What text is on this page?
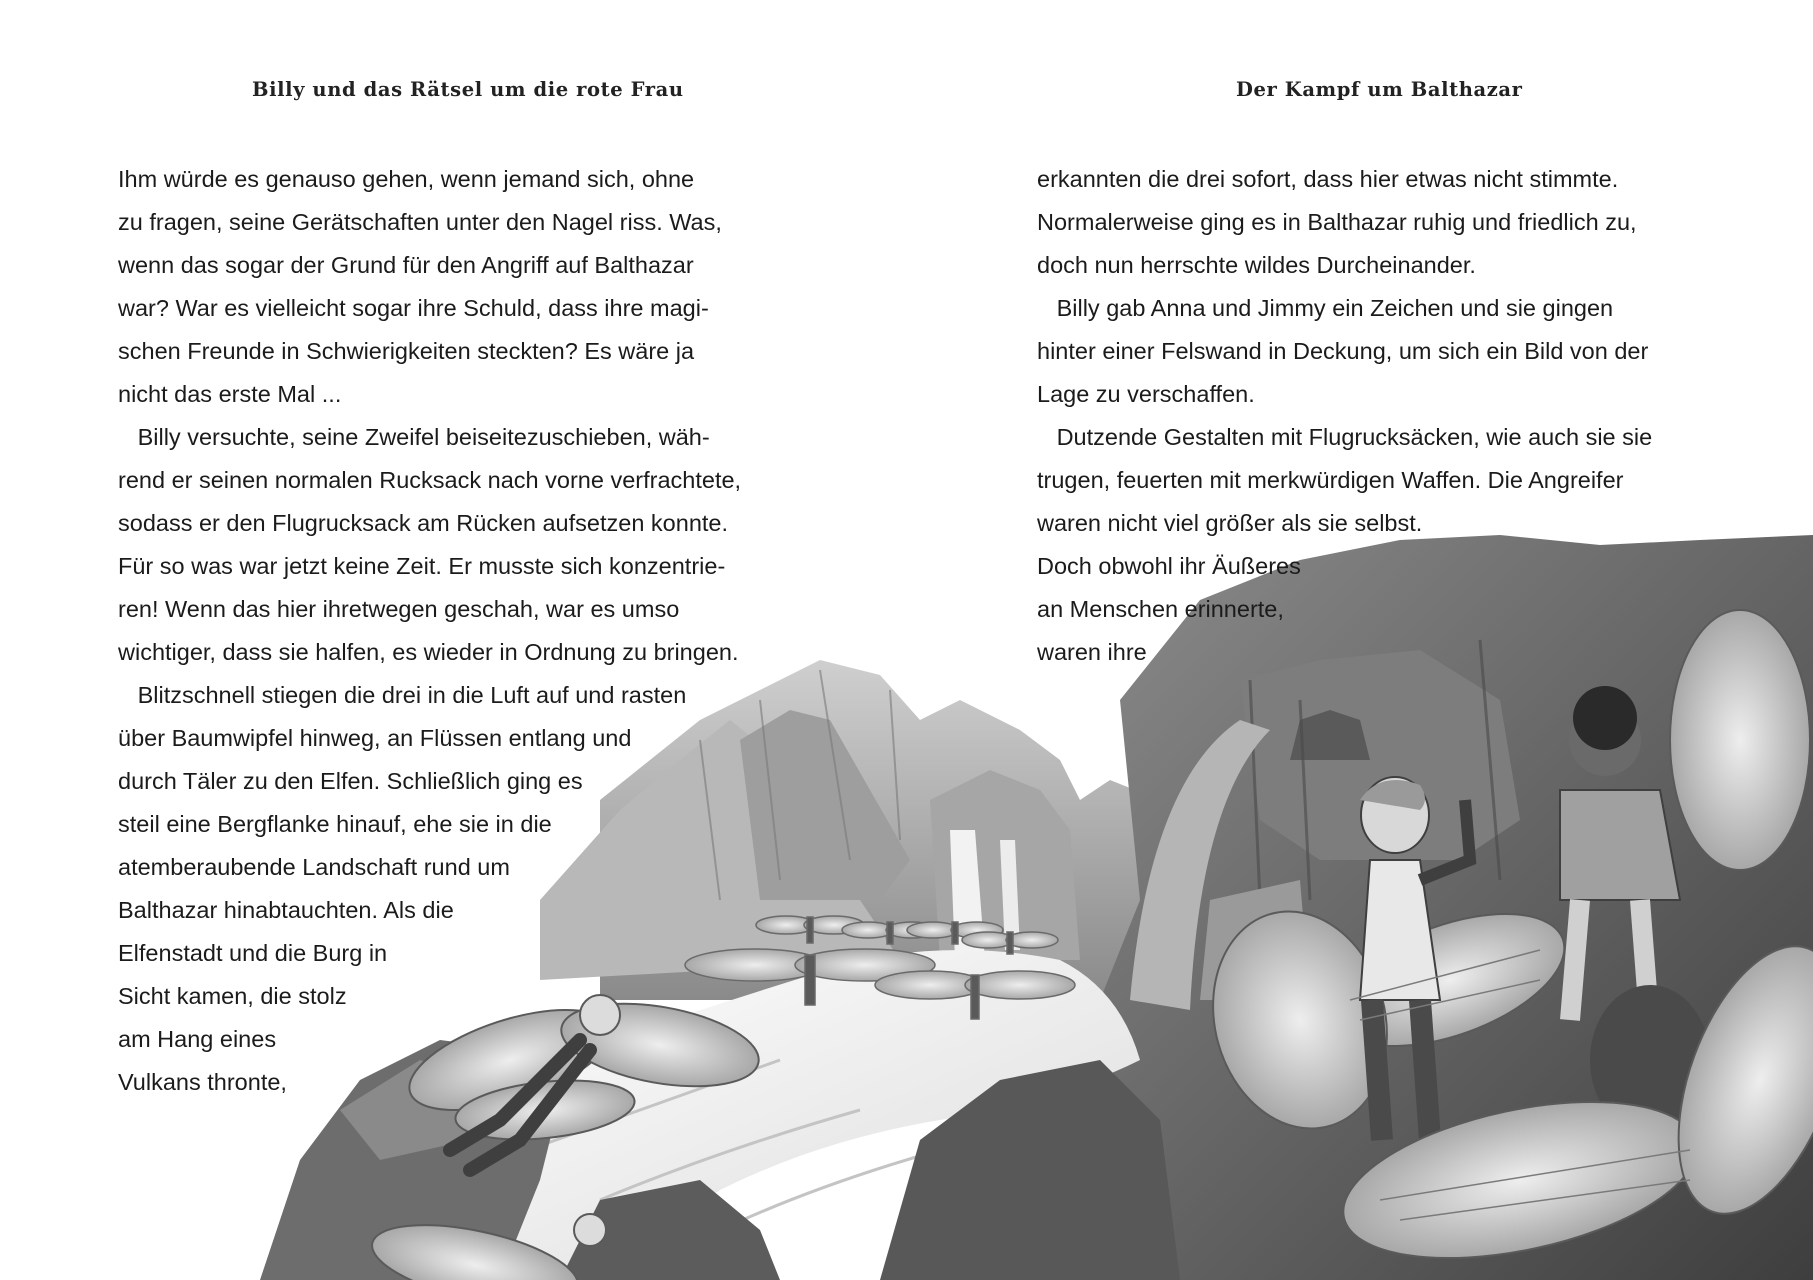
Billy und das Rätsel um die rote Frau	Der Kampf um Balthazar
Ihm würde es genauso gehen, wenn jemand sich, ohne
zu fragen, seine Gerätschaften unter den Nagel riss. Was,
wenn das sogar der Grund für den Angriff auf Balthazar
war? War es vielleicht sogar ihre Schuld, dass ihre magi-
schen Freunde in Schwierigkeiten steckten? Es wäre ja
nicht das erste Mal ...
Billy versuchte, seine Zweifel beiseitezuschieben, wäh-
rend er seinen normalen Rucksack nach vorne verfrachtete,
sodass er den Flugrucksack am Rücken aufsetzen konnte.
Für so was war jetzt keine Zeit. Er musste sich konzentrie-
ren! Wenn das hier ihretwegen geschah, war es umso
wichtiger, dass sie halfen, es wieder in Ordnung zu bringen.
Blitzschnell stiegen die drei in die Luft auf und rasten
über Baumwipfel hinweg, an Flüssen entlang und
durch Täler zu den Elfen. Schließlich ging es
steil eine Bergflanke hinauf, ehe sie in die
atemberaubende Landschaft rund um
Balthazar hinabtauchten. Als die
Elfenstadt und die Burg in
Sicht kamen, die stolz
am Hang eines
Vulkans throntе,
erkannten die drei sofort, dass hier etwas nicht stimmte.
Normalerweise ging es in Balthazar ruhig und friedlich zu,
doch nun herrschte wildes Durcheinander.
Billy gab Anna und Jimmy ein Zeichen und sie gingen
hinter einer Felswand in Deckung, um sich ein Bild von der
Lage zu verschaffen.
Dutzende Gestalten mit Flugrucksäcken, wie auch sie sie
trugen, feuerten mit merkwürdigen Waffen. Die Angreifer
waren nicht viel größer als sie selbst.
Doch obwohl ihr Äußeres
an Menschen erinnerte,
waren ihre
